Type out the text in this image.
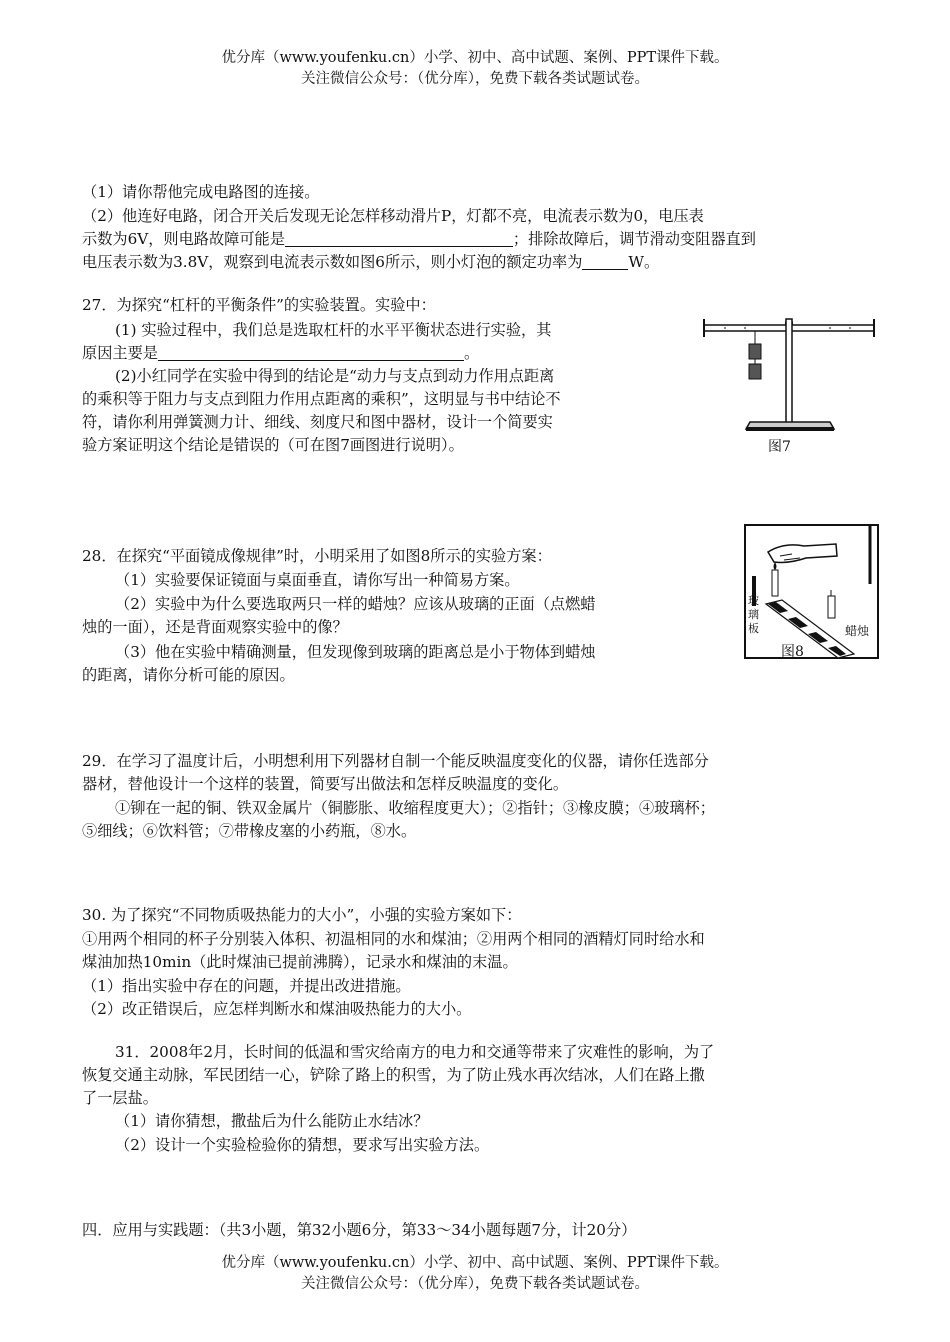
优分库（www.youfenku.cn）小学、初中、高中试题、案例、PPT课件下载。
关注微信公众号：（优分库），免费下载各类试题试卷。
（1）请你帮他完成电路图的连接。
（2）他连好电路，闭合开关后发现无论怎样移动滑片P，灯都不亮，电流表示数为0，电压表
示数为6V，则电路故障可能是	；排除故障后，调节滑动变阻器直到
电压表示数为3.8V，观察到电流表示数如图6所示，则小灯泡的额定功率为	W。
27．为探究“杠杆的平衡条件”的实验装置。实验中：
(1) 实验过程中，我们总是选取杠杆的水平平衡状态进行实验，其
原因主要是	。
(2)小红同学在实验中得到的结论是“动力与支点到动力作用点距离
的乘积等于阻力与支点到阻力作用点距离的乘积”，这明显与书中结论不
符，请你利用弹簧测力计、细线、刻度尺和图中器材，设计一个简要实
验方案证明这个结论是错误的（可在图7画图进行说明）。	图7
28．在探究“平面镜成像规律”时，小明采用了如图8所示的实验方案：
（1）实验要保证镜面与桌面垂直，请你写出一种简易方案。
（2）实验中为什么要选取两只一样的蜡烛？应该从玻璃的正面（点燃蜡
烛的一面），还是背面观察实验中的像？
（3）他在实验中精确测量，但发现像到玻璃的距离总是小于物体到蜡烛
的距离，请你分析可能的原因。
玻
璃
板	蜡烛
图8
29．在学习了温度计后，小明想利用下列器材自制一个能反映温度变化的仪器，请你任选部分
器材，替他设计一个这样的装置，简要写出做法和怎样反映温度的变化。
①铆在一起的铜、铁双金属片（铜膨胀、收缩程度更大）；②指针；③橡皮膜；④玻璃杯；
⑤细线；⑥饮料管；⑦带橡皮塞的小药瓶，⑧水。
30. 为了探究“不同物质吸热能力的大小”，小强的实验方案如下：
①用两个相同的杯子分别装入体积、初温相同的水和煤油；②用两个相同的酒精灯同时给水和
煤油加热10min（此时煤油已提前沸腾），记录水和煤油的末温。
（1）指出实验中存在的问题，并提出改进措施。
（2）改正错误后，应怎样判断水和煤油吸热能力的大小。
31．2008年2月，长时间的低温和雪灾给南方的电力和交通等带来了灾难性的影响，为了
恢复交通主动脉，军民团结一心，铲除了路上的积雪，为了防止残水再次结冰，人们在路上撒
了一层盐。
（1）请你猜想，撒盐后为什么能防止水结冰？
（2）设计一个实验检验你的猜想，要求写出实验方法。
四．应用与实践题：（共3小题，第32小题6分，第33～34小题每题7分，计20分）
优分库（www.youfenku.cn）小学、初中、高中试题、案例、PPT课件下载。
关注微信公众号：（优分库），免费下载各类试题试卷。
